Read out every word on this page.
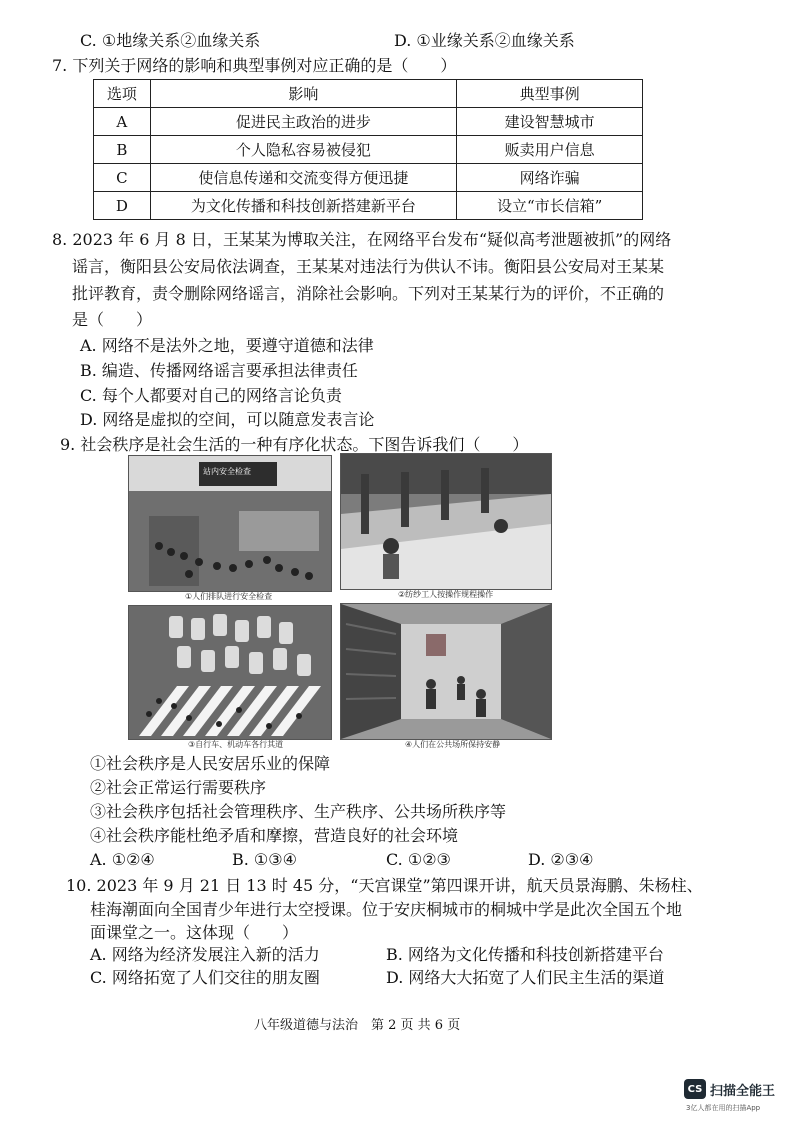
C. ①地缘关系②血缘关系	D. ①业缘关系②血缘关系
7. 下列关于网络的影响和典型事例对应正确的是（　　）
选项	影响	典型事例
A	促进民主政治的进步	建设智慧城市
B	个人隐私容易被侵犯	贩卖用户信息
C	使信息传递和交流变得方便迅捷	网络诈骗
D	为文化传播和科技创新搭建新平台	设立“市长信箱”
8. 2023 年 6 月 8 日，王某某为博取关注，在网络平台发布“疑似高考泄题被抓”的网络
谣言，衡阳县公安局依法调查，王某某对违法行为供认不讳。衡阳县公安局对王某某
批评教育，责令删除网络谣言，消除社会影响。下列对王某某行为的评价，不正确的
是（　　）
A. 网络不是法外之地，要遵守道德和法律
B. 编造、传播网络谣言要承担法律责任
C. 每个人都要对自己的网络言论负责
D. 网络是虚拟的空间，可以随意发表言论
9. 社会秩序是社会生活的一种有序化状态。下图告诉我们（　　）
站内安全检查
①人们排队进行安全检查	②纺纱工人按操作规程操作
③自行车、机动车各行其道	④人们在公共场所保持安静
①社会秩序是人民安居乐业的保障
②社会正常运行需要秩序
③社会秩序包括社会管理秩序、生产秩序、公共场所秩序等
④社会秩序能杜绝矛盾和摩擦，营造良好的社会环境
A. ①②④	B. ①③④	C. ①②③	D. ②③④
10. 2023 年 9 月 21 日 13 时 45 分，“天宫课堂”第四课开讲，航天员景海鹏、朱杨柱、
桂海潮面向全国青少年进行太空授课。位于安庆桐城市的桐城中学是此次全国五个地
面课堂之一。这体现（　　）
A. 网络为经济发展注入新的活力	B. 网络为文化传播和科技创新搭建平台
C. 网络拓宽了人们交往的朋友圈	D. 网络大大拓宽了人们民主生活的渠道
八年级道德与法治　第 2 页 共 6 页
CS 扫描全能王
3亿人都在用的扫描App
